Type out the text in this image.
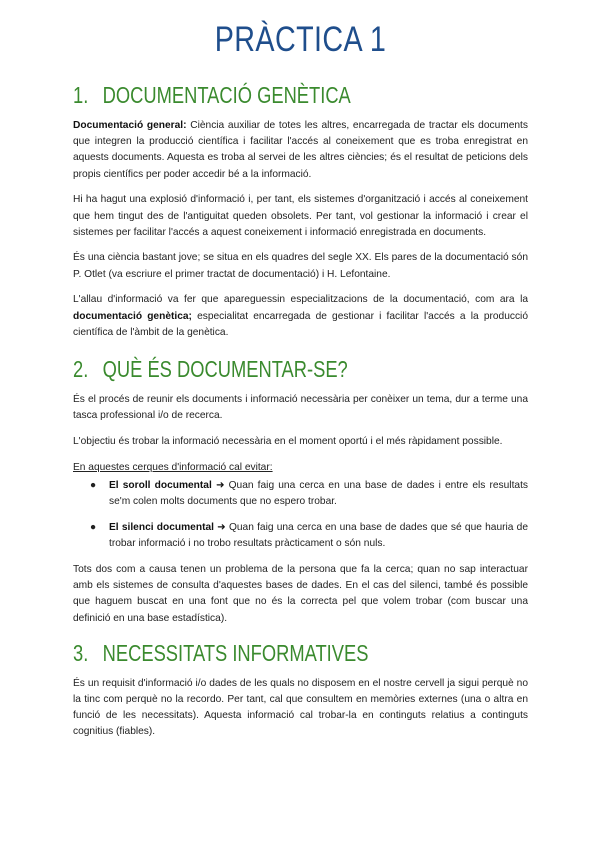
PRÀCTICA 1
1. DOCUMENTACIÓ GENÈTICA

Documentació general: Ciència auxiliar de totes les altres, encarregada de tractar els documents que integren la producció científica i facilitar l'accés al coneixement que es troba enregistrat en aquests documents. Aquesta es troba al servei de les altres ciències; és el resultat de peticions dels propis científics per poder accedir bé a la informació.

Hi ha hagut una explosió d'informació i, per tant, els sistemes d'organització i accés al coneixement que hem tingut des de l'antiguitat queden obsolets. Per tant, vol gestionar la informació i crear el sistemes per facilitar l'accés a aquest coneixement i informació enregistrada en documents.

És una ciència bastant jove; se situa en els quadres del segle XX. Els pares de la documentació són P. Otlet (va escriure el primer tractat de documentació) i H. Lefontaine.

L'allau d'informació va fer que apareguessin especialitzacions de la documentació, com ara la documentació genètica; especialitat encarregada de gestionar i facilitar l'accés a la producció científica de l'àmbit de la genètica.

2. QUÈ ÉS DOCUMENTAR-SE?

És el procés de reunir els documents i informació necessària per conèixer un tema, dur a terme una tasca professional i/o de recerca.

L'objectiu és trobar la informació necessària en el moment oportú i el més ràpidament possible.

En aquestes cerques d'informació cal evitar:

● El soroll documental ➜ Quan faig una cerca en una base de dades i entre els resultats se'm colen molts documents que no espero trobar.
● El silenci documental ➜ Quan faig una cerca en una base de dades que sé que hauria de trobar informació i no trobo resultats pràcticament o són nuls.

Tots dos com a causa tenen un problema de la persona que fa la cerca; quan no sap interactuar amb els sistemes de consulta d'aquestes bases de dades. En el cas del silenci, també és possible que haguem buscat en una font que no és la correcta pel que volem trobar (com buscar una definició en una base estadística).

3. NECESSITATS INFORMATIVES

És un requisit d'informació i/o dades de les quals no disposem en el nostre cervell ja sigui perquè no la tinc com perquè no la recordo. Per tant, cal que consultem en memòries externes (una o altra en funció de les necessitats). Aquesta informació cal trobar-la en continguts relatius a continguts cognitius (fiables).
